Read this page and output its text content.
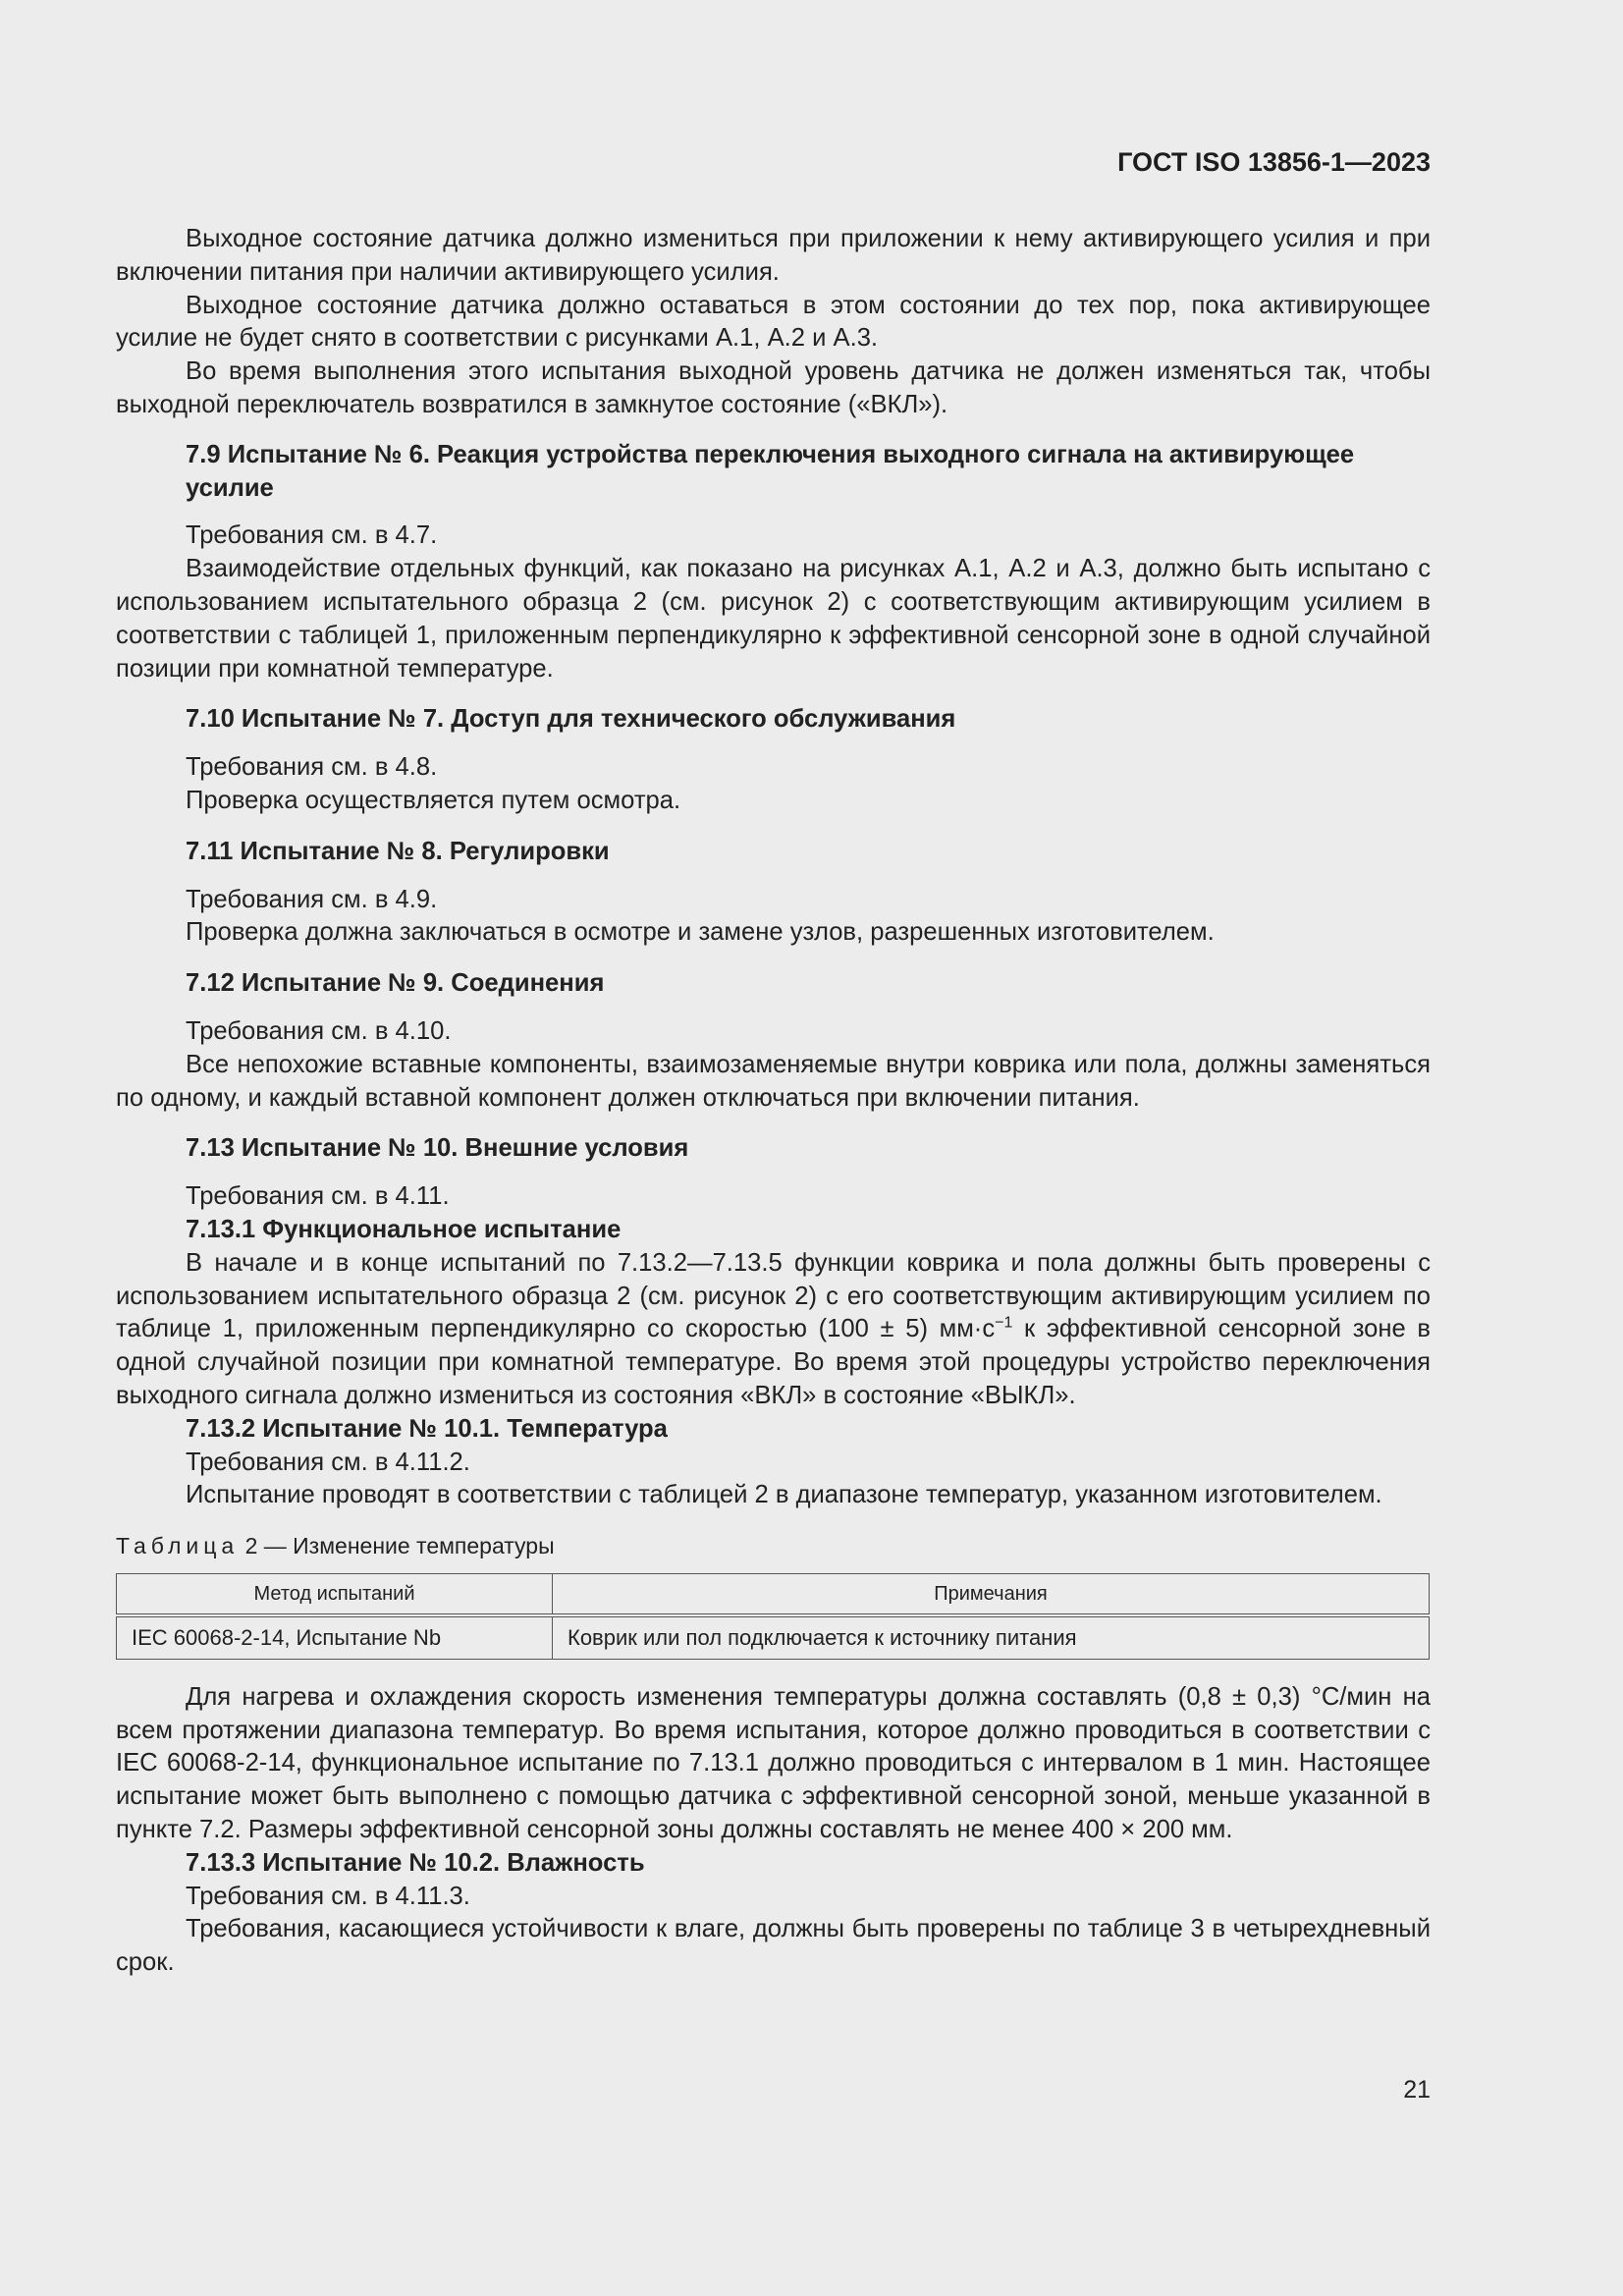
ГОСТ ISO 13856-1—2023

Выходное состояние датчика должно измениться при приложении к нему активирующего усилия и при включении питания при наличии активирующего усилия.

Выходное состояние датчика должно оставаться в этом состоянии до тех пор, пока активирующее усилие не будет снято в соответствии с рисунками А.1, А.2 и А.3.

Во время выполнения этого испытания выходной уровень датчика не должен изменяться так, чтобы выходной переключатель возвратился в замкнутое состояние («ВКЛ»).

7.9 Испытание № 6. Реакция устройства переключения выходного сигнала на активирующее усилие

Требования см. в 4.7.

Взаимодействие отдельных функций, как показано на рисунках А.1, А.2 и А.3, должно быть испытано с использованием испытательного образца 2 (см. рисунок 2) с соответствующим активирующим усилием в соответствии с таблицей 1, приложенным перпендикулярно к эффективной сенсорной зоне в одной случайной позиции при комнатной температуре.

7.10 Испытание № 7. Доступ для технического обслуживания

Требования см. в 4.8.

Проверка осуществляется путем осмотра.

7.11 Испытание № 8. Регулировки

Требования см. в 4.9.

Проверка должна заключаться в осмотре и замене узлов, разрешенных изготовителем.

7.12 Испытание № 9. Соединения

Требования см. в 4.10.

Все непохожие вставные компоненты, взаимозаменяемые внутри коврика или пола, должны заменяться по одному, и каждый вставной компонент должен отключаться при включении питания.

7.13 Испытание № 10. Внешние условия

Требования см. в 4.11.

7.13.1 Функциональное испытание

В начале и в конце испытаний по 7.13.2—7.13.5 функции коврика и пола должны быть проверены с использованием испытательного образца 2 (см. рисунок 2) с его соответствующим активирующим усилием по таблице 1, приложенным перпендикулярно со скоростью (100 ± 5) $мм\cdot с^{-1}$ к эффективной сенсорной зоне в одной случайной позиции при комнатной температуре. Во время этой процедуры устройство переключения выходного сигнала должно измениться из состояния «ВКЛ» в состояние «ВЫКЛ».

7.13.2 Испытание № 10.1. Температура

Требования см. в 4.11.2.

Испытание проводят в соответствии с таблицей 2 в диапазоне температур, указанном изготовителем.

Таблица 2 — Изменение температуры
Метод испытаний	Примечания
IEC 60068-2-14, Испытание Nb	Коврик или пол подключается к источнику питания

Для нагрева и охлаждения скорость изменения температуры должна составлять (0,8 ± 0,3) °С/мин на всем протяжении диапазона температур. Во время испытания, которое должно проводиться в соответствии с IEC 60068-2-14, функциональное испытание по 7.13.1 должно проводиться с интервалом в 1 мин. Настоящее испытание может быть выполнено с помощью датчика с эффективной сенсорной зоной, меньше указанной в пункте 7.2. Размеры эффективной сенсорной зоны должны составлять не менее 400 × 200 мм.

7.13.3 Испытание № 10.2. Влажность

Требования см. в 4.11.3.

Требования, касающиеся устойчивости к влаге, должны быть проверены по таблице 3 в четырехдневный срок.

21
